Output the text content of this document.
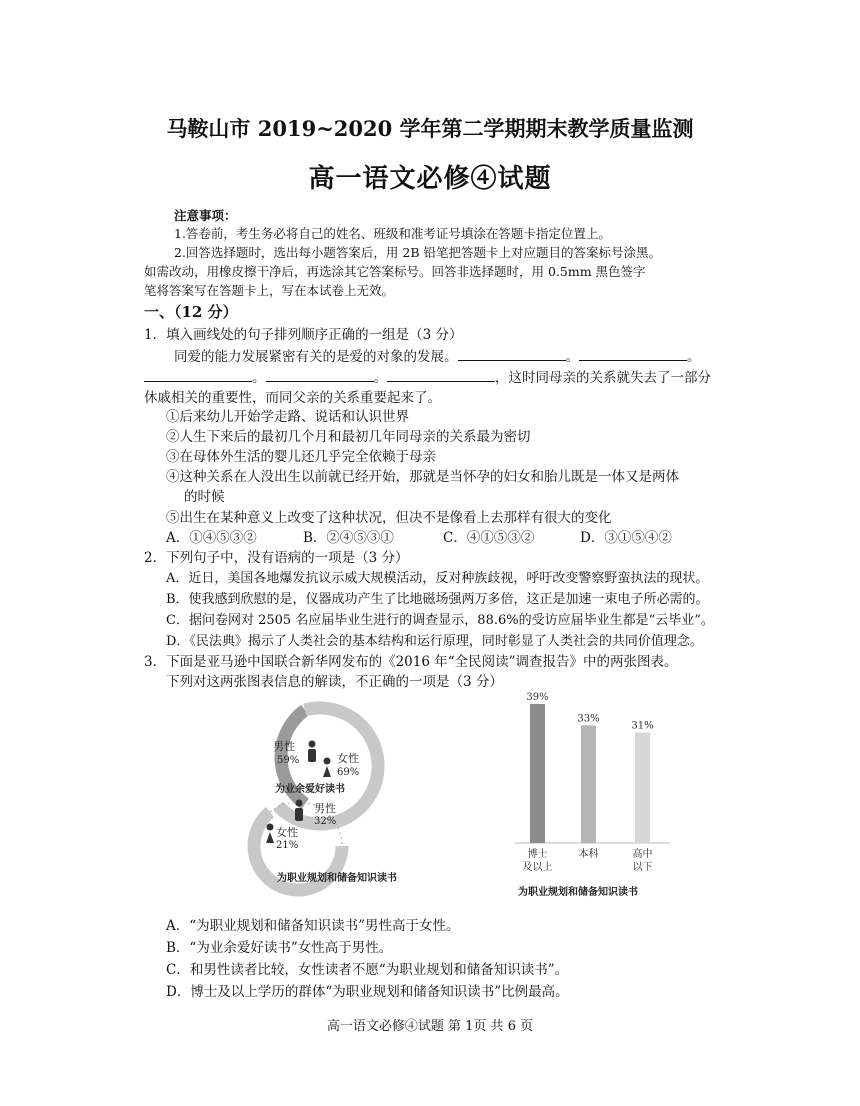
马鞍山市 2019~2020 学年第二学期期末教学质量监测
高一语文必修④试题
注意事项：
1.答卷前，考生务必将自己的姓名、班级和准考证号填涂在答题卡指定位置上。
2.回答选择题时，选出每小题答案后，用 2B 铅笔把答题卡上对应题目的答案标号涂黑。
如需改动，用橡皮擦干净后，再选涂其它答案标号。回答非选择题时，用 0.5mm 黑色签字
笔将答案写在答题卡上，写在本试卷上无效。
一、（12 分）
1．填入画线处的句子排列顺序正确的一组是（3 分）
同爱的能力发展紧密有关的是爱的对象的发展。	。	。
。	。	，这时同母亲的关系就失去了一部分
休戚相关的重要性，而同父亲的关系重要起来了。
①后来幼儿开始学走路、说话和认识世界
②人生下来后的最初几个月和最初几年同母亲的关系最为密切
③在母体外生活的婴儿还几乎完全依赖于母亲
④这种关系在人没出生以前就已经开始，那就是当怀孕的妇女和胎儿既是一体又是两体
的时候
⑤出生在某种意义上改变了这种状况，但决不是像看上去那样有很大的变化
A．①④⑤③②	B．②④⑤③①	C．④①⑤③②	D．③①⑤④②
2．下列句子中，没有语病的一项是（3 分）
A．近日，美国各地爆发抗议示威大规模活动，反对种族歧视，呼吁改变警察野蛮执法的现状。
B．使我感到欣慰的是，仪器成功产生了比地磁场强两万多倍，这正是加速一束电子所必需的。
C．据问卷网对 2505 名应届毕业生进行的调查显示，88.6%的受访应届毕业生都是“云毕业”。
D．《民法典》揭示了人类社会的基本结构和运行原理，同时彰显了人类社会的共同价值理念。
3．下面是亚马逊中国联合新华网发布的《2016 年“全民阅读”调查报告》中的两张图表。
下列对这两张图表信息的解读，不正确的一项是（3 分）
男性
59%	女性
69%
为业余爱好读书
男性
32%
女性
21%
为职业规划和储备知识读书
为职业规划和储备知识读书
39%
博士
及以上
33%
本科
31%
高中
以下
A．“为职业规划和储备知识读书”男性高于女性。
B．“为业余爱好读书”女性高于男性。
C．和男性读者比较，女性读者不愿“为职业规划和储备知识读书”。
D．博士及以上学历的群体“为职业规划和储备知识读书”比例最高。
高一语文必修④试题 第 1页 共 6 页
